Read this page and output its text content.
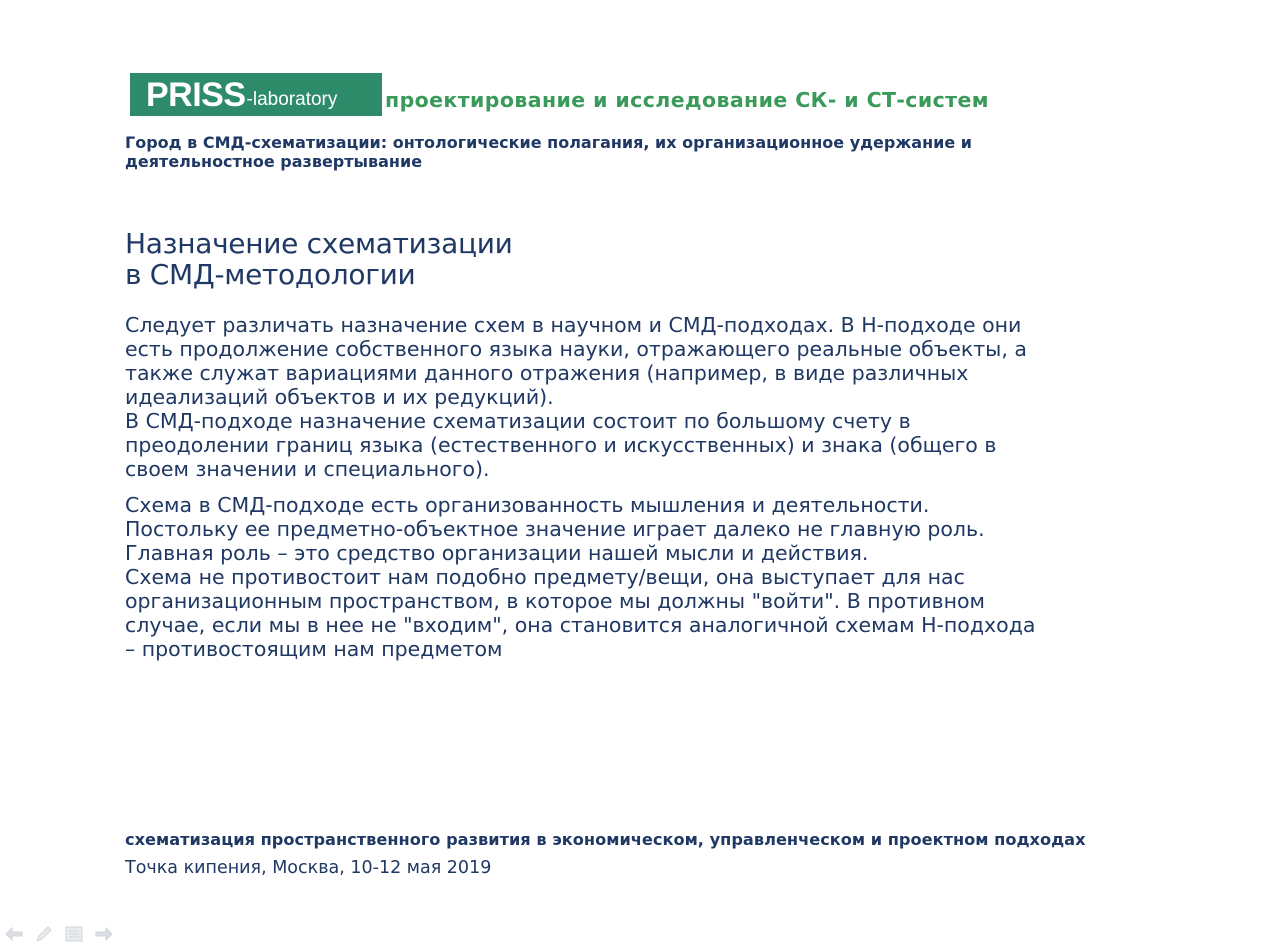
PRISS -laboratory проектирование и исследование СК- и СТ-систем
Город в СМД-схематизации: онтологические полагания, их организационное удержание и деятельностное развертывание
Назначение схематизации
в СМД-методологии

Следует различать назначение схем в научном и СМД-подходах. В Н-подходе они есть продолжение собственного языка науки, отражающего реальные объекты, а также служат вариациями данного отражения (например, в виде различных идеализаций объектов и их редукций).
В СМД-подходе назначение схематизации состоит по большому счету в преодолении границ языка (естественного и искусственных) и знака (общего в своем значении и специального).

Схема в СМД-подходе есть организованность мышления и деятельности. Постольку ее предметно-объектное значение играет далеко не главную роль. Главная роль – это средство организации нашей мысли и действия.
Схема не противостоит нам подобно предмету/вещи, она выступает для нас организационным пространством, в которое мы должны "войти". В противном случае, если мы в нее не "входим", она становится аналогичной схемам Н-подхода – противостоящим нам предметом

схематизация пространственного развития в экономическом, управленческом и проектном подходах
Точка кипения, Москва, 10-12 мая 2019
